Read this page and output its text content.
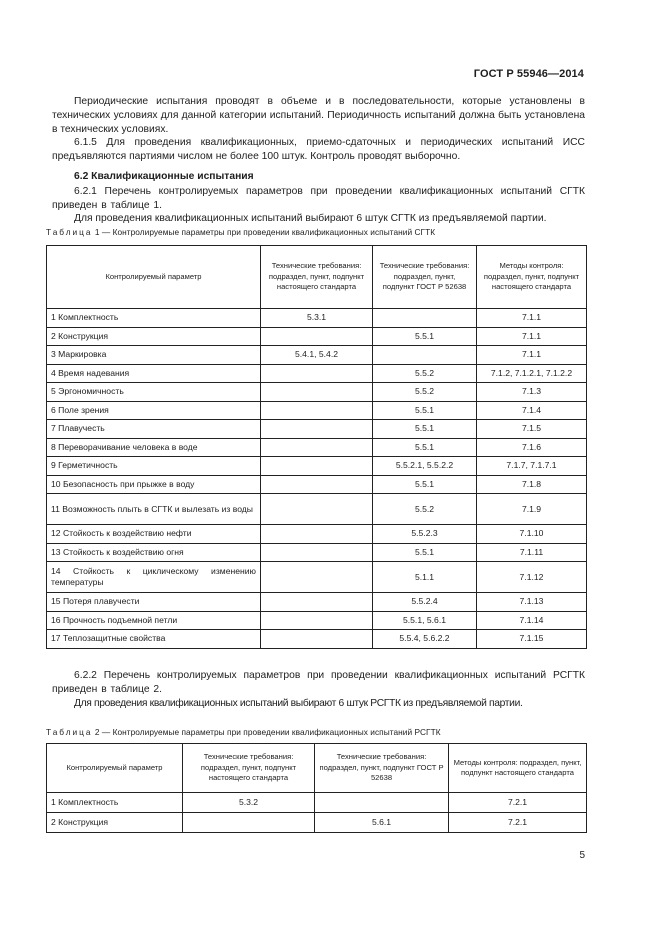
ГОСТ Р 55946—2014

Периодические испытания проводят в объеме и в последовательности, которые установлены в технических условиях для данной категории испытаний. Периодичность испытаний должна быть установлена в технических условиях.

6.1.5 Для проведения квалификационных, приемо-сдаточных и периодических испытаний ИСС предъявляются партиями числом не более 100 штук. Контроль проводят выборочно.

6.2 Квалификационные испытания

6.2.1 Перечень контролируемых параметров при проведении квалификационных испытаний СГТК приведен в таблице 1.

Для проведения квалификационных испытаний выбирают 6 штук СГТК из предъявляемой партии.

Таблица 1 — Контролируемые параметры при проведении квалификационных испытаний СГТК
Контролируемый параметр	Технические требования: подраздел, пункт, подпункт настоящего стандарта	Технические требования: подраздел, пункт, подпункт ГОСТ Р 52638	Методы контроля: подраздел, пункт, подпункт настоящего стандарта
1 Комплектность	5.3.1		7.1.1
2 Конструкция		5.5.1	7.1.1
3 Маркировка	5.4.1, 5.4.2		7.1.1
4 Время надевания		5.5.2	7.1.2, 7.1.2.1, 7.1.2.2
5 Эргономичность		5.5.2	7.1.3
6 Поле зрения		5.5.1	7.1.4
7 Плавучесть		5.5.1	7.1.5
8 Переворачивание человека в воде		5.5.1	7.1.6
9 Герметичность		5.5.2.1, 5.5.2.2	7.1.7, 7.1.7.1
10 Безопасность при прыжке в воду		5.5.1	7.1.8
11 Возможность плыть в СГТК и вылезать из воды		5.5.2	7.1.9
12 Стойкость к воздействию нефти		5.5.2.3	7.1.10
13 Стойкость к воздействию огня		5.5.1	7.1.11
14 Стойкость к циклическому изменению температуры		5.1.1	7.1.12
15 Потеря плавучести		5.5.2.4	7.1.13
16 Прочность подъемной петли		5.5.1, 5.6.1	7.1.14
17 Теплозащитные свойства		5.5.4, 5.6.2.2	7.1.15

6.2.2 Перечень контролируемых параметров при проведении квалификационных испытаний РСГТК приведен в таблице 2.

Для проведения квалификационных испытаний выбирают 6 штук РСГТК из предъявляемой партии.

Таблица 2 — Контролируемые параметры при проведении квалификационных испытаний РСГТК
Контролируемый параметр	Технические требования: подраздел, пункт, подпункт настоящего стандарта	Технические требования: подраздел, пункт, подпункт ГОСТ Р 52638	Методы контроля: подраздел, пункт, подпункт настоящего стандарта
1 Комплектность	5.3.2		7.2.1
2 Конструкция		5.6.1	7.2.1
5
